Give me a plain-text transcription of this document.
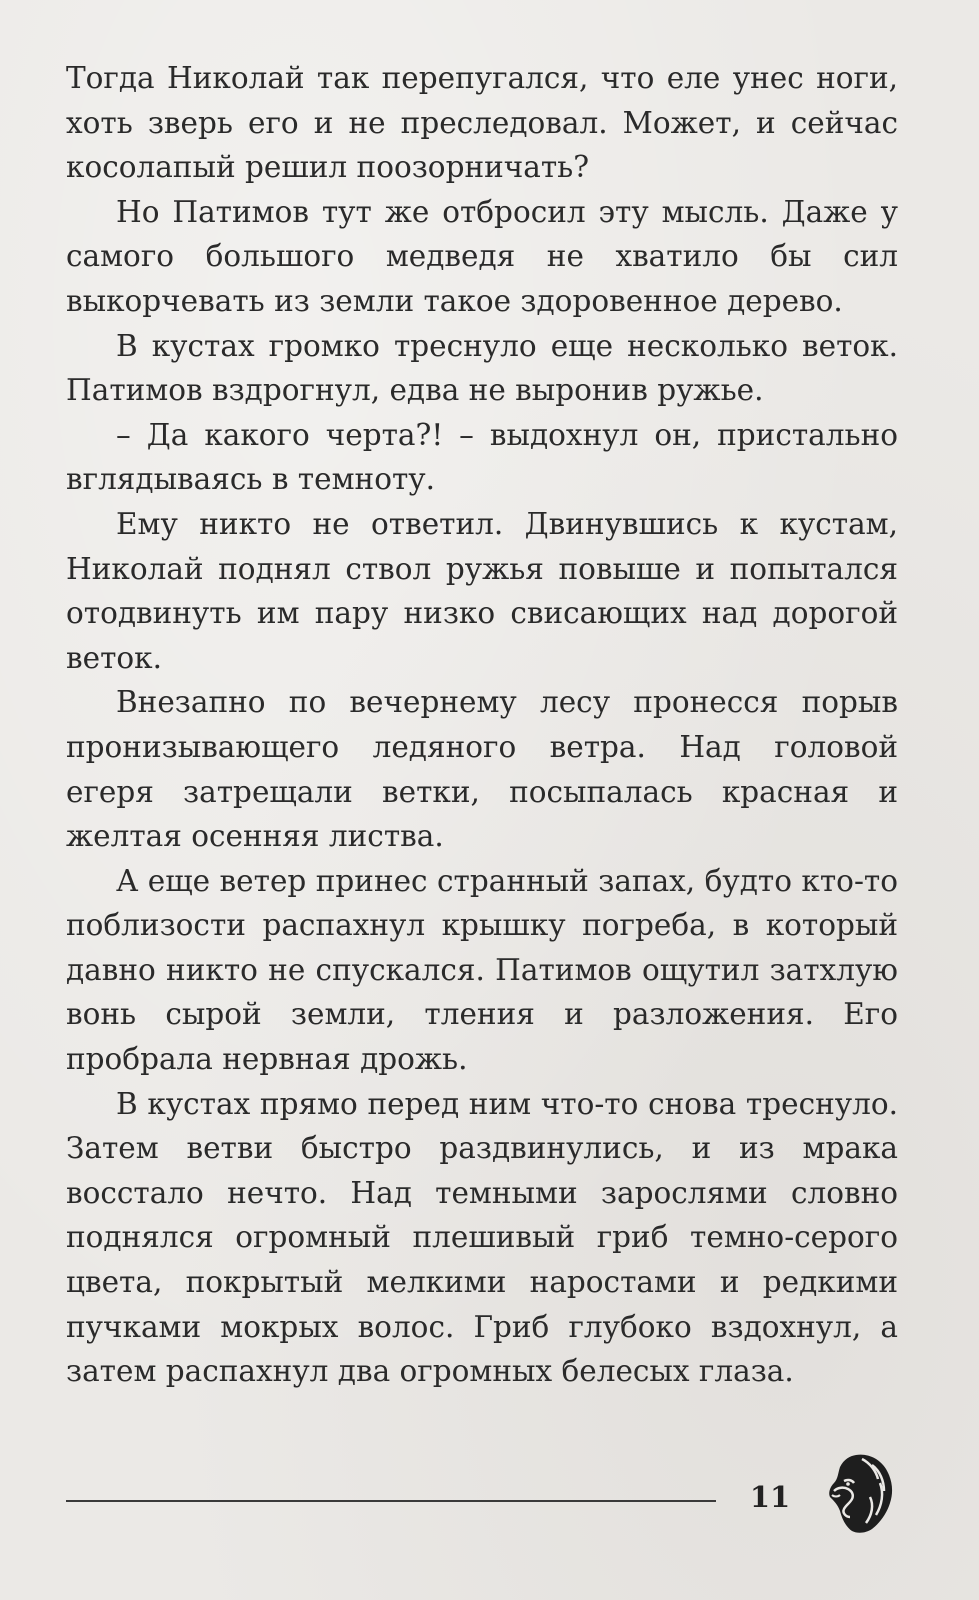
Тогда Николай так перепугался, что еле унес ноги, хоть зверь его и не преследовал. Может, и сейчас косолапый решил поозорничать?

Но Патимов тут же отбросил эту мысль. Даже у самого большого медведя не хватило бы сил выкорчевать из земли такое здоровенное дерево.

В кустах громко треснуло еще несколько веток. Патимов вздрогнул, едва не выронив ружье.

– Да какого черта?! – выдохнул он, пристально вглядываясь в темноту.

Ему никто не ответил. Двинувшись к кустам, Николай поднял ствол ружья повыше и попытался отодвинуть им пару низко свисающих над дорогой веток.

Внезапно по вечернему лесу пронесся порыв пронизывающего ледяного ветра. Над головой егеря затрещали ветки, посыпалась красная и желтая осенняя листва.

А еще ветер принес странный запах, будто кто-то поблизости распахнул крышку погреба, в который давно никто не спускался. Патимов ощутил затхлую вонь сырой земли, тления и разложения. Его пробрала нервная дрожь.

В кустах прямо перед ним что-то снова треснуло. Затем ветви быстро раздвинулись, и из мрака восстало нечто. Над темными зарослями словно поднялся огромный плешивый гриб темно-серого цвета, покрытый мелкими наростами и редкими пучками мокрых волос. Гриб глубоко вздохнул, а затем распахнул два огромных белесых глаза.

11
